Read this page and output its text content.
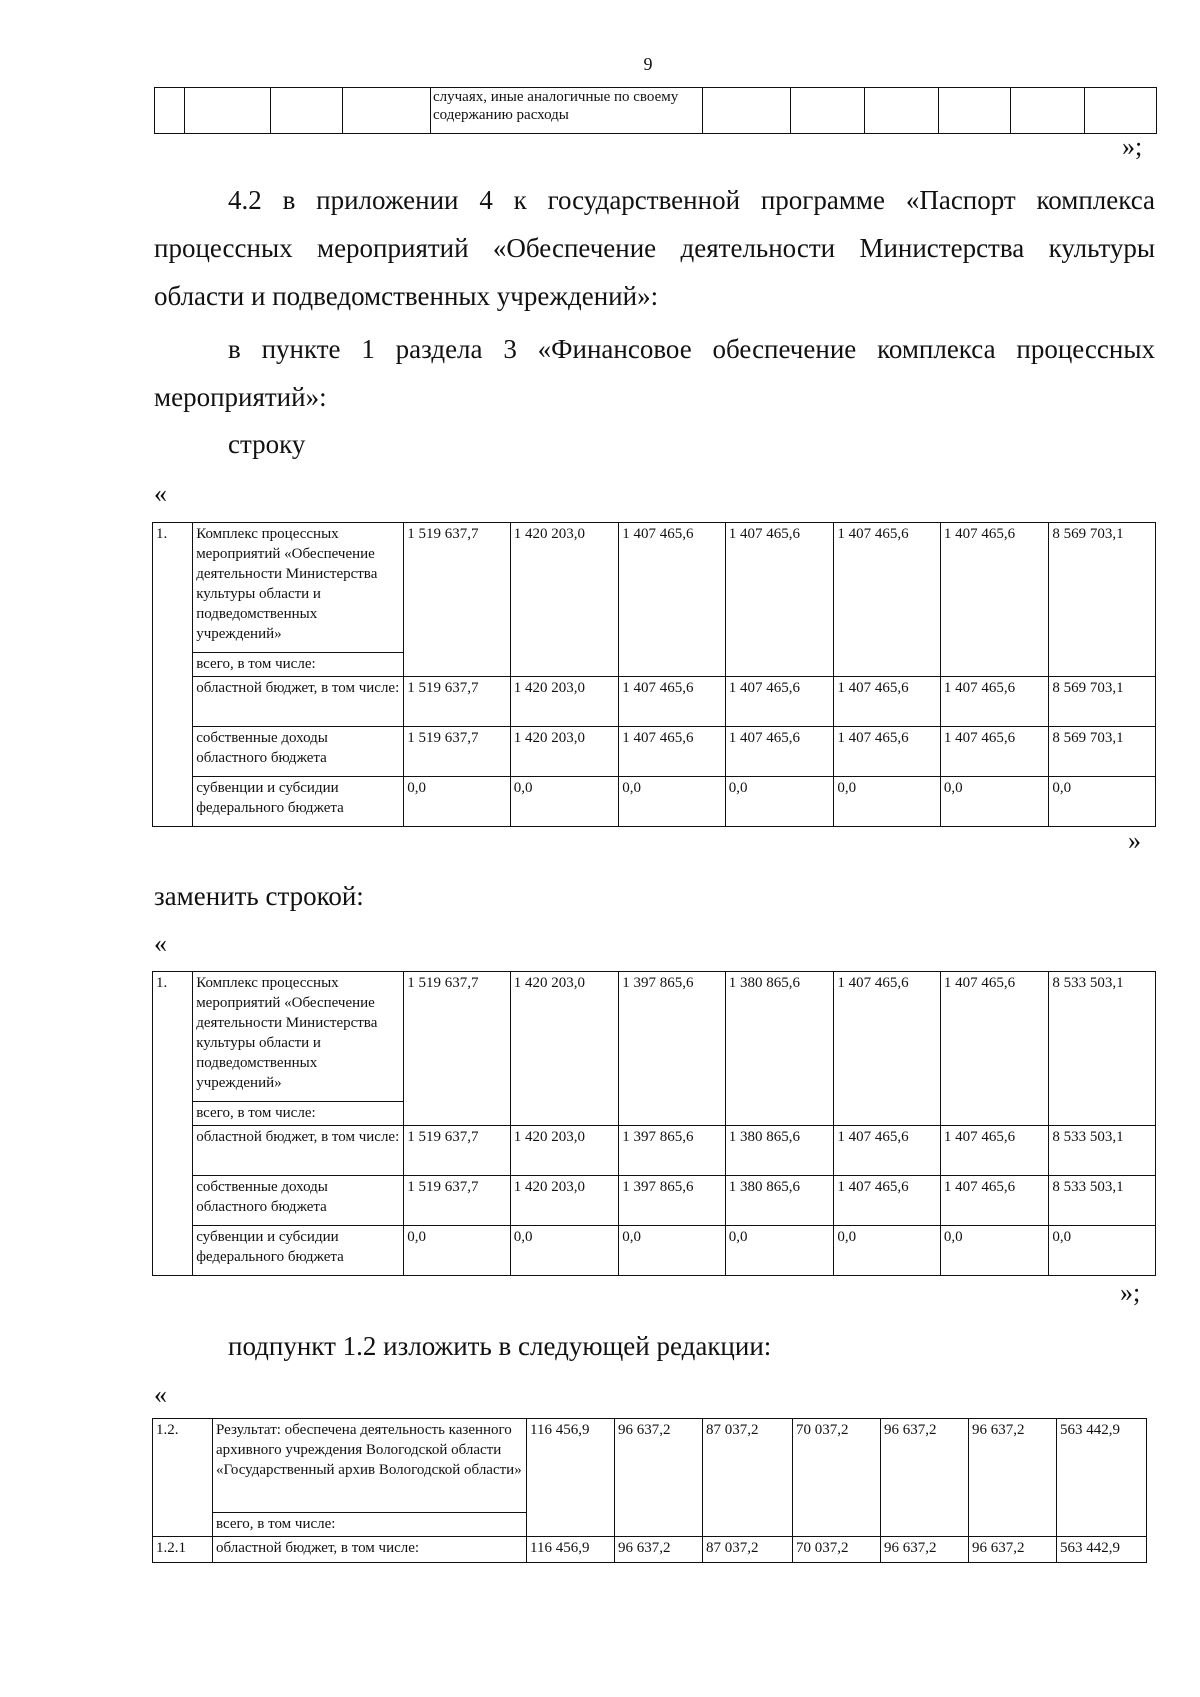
9
				случаях, иные аналогичные по своему содержанию расходы						
»;
4.2 в приложении 4 к государственной программе «Паспорт комплекса процессных мероприятий «Обеспечение деятельности Министерства культуры области и подведомственных учреждений»:
в пункте 1 раздела 3 «Финансовое обеспечение комплекса процессных мероприятий»:
строку
«
1.	Комплекс процессных мероприятий «Обеспечение деятельности Министерства культуры области и подведомственных учреждений»	1 519 637,7	1 420 203,0	1 407 465,6	1 407 465,6	1 407 465,6	1 407 465,6	8 569 703,1
	всего, в том числе:							
	областной бюджет, в том числе:	1 519 637,7	1 420 203,0	1 407 465,6	1 407 465,6	1 407 465,6	1 407 465,6	8 569 703,1
	собственные доходы областного бюджета	1 519 637,7	1 420 203,0	1 407 465,6	1 407 465,6	1 407 465,6	1 407 465,6	8 569 703,1
	субвенции и субсидии федерального бюджета	0,0	0,0	0,0	0,0	0,0	0,0	0,0
»
заменить строкой:
«
1.	Комплекс процессных мероприятий «Обеспечение деятельности Министерства культуры области и подведомственных учреждений»	1 519 637,7	1 420 203,0	1 397 865,6	1 380 865,6	1 407 465,6	1 407 465,6	8 533 503,1
	всего, в том числе:							
	областной бюджет, в том числе:	1 519 637,7	1 420 203,0	1 397 865,6	1 380 865,6	1 407 465,6	1 407 465,6	8 533 503,1
	собственные доходы областного бюджета	1 519 637,7	1 420 203,0	1 397 865,6	1 380 865,6	1 407 465,6	1 407 465,6	8 533 503,1
	субвенции и субсидии федерального бюджета	0,0	0,0	0,0	0,0	0,0	0,0	0,0
»;
подпункт 1.2 изложить в следующей редакции:
«
1.2.	Результат: обеспечена деятельность казенного архивного учреждения Вологодской области «Государственный архив Вологодской области»	116 456,9	96 637,2	87 037,2	70 037,2	96 637,2	96 637,2	563 442,9
	всего, в том числе:							
1.2.1	областной бюджет, в том числе:	116 456,9	96 637,2	87 037,2	70 037,2	96 637,2	96 637,2	563 442,9
